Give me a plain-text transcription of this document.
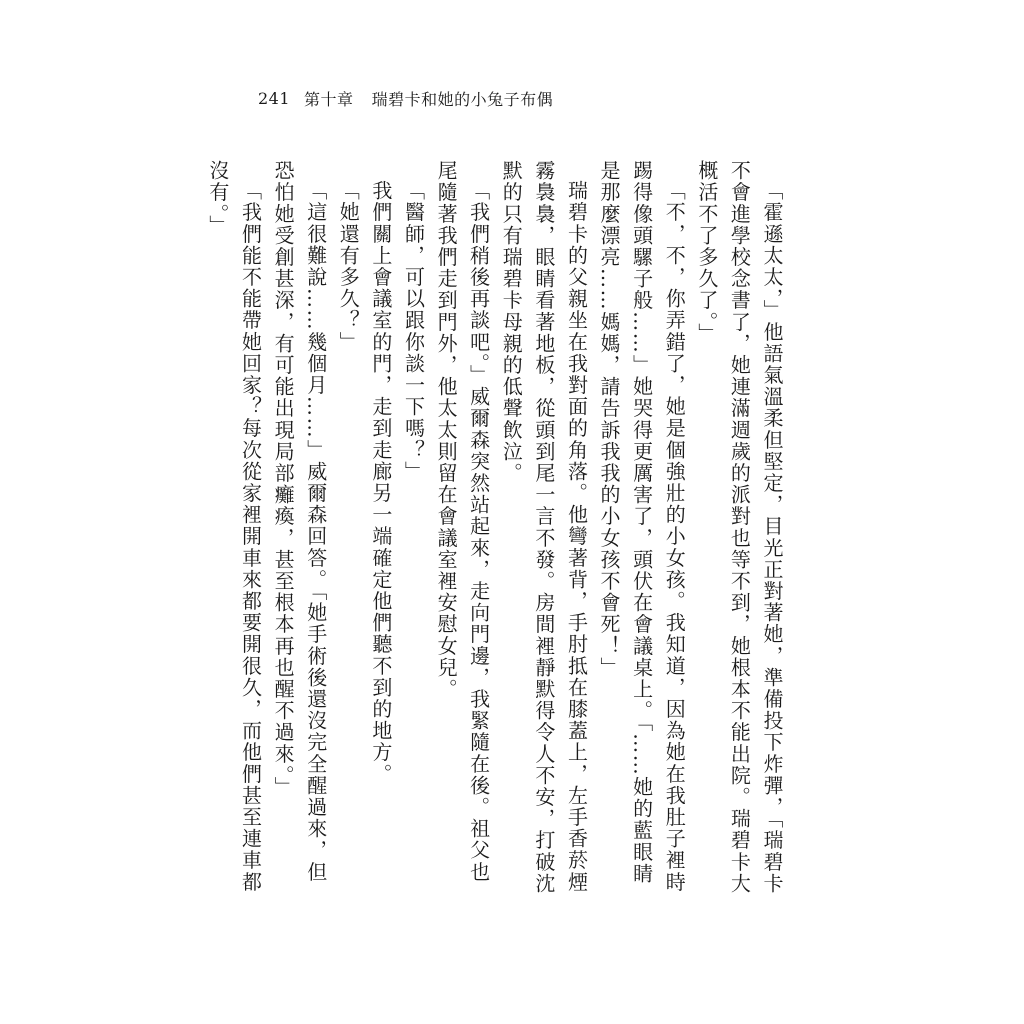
241 第十章 瑞碧卡和她的小兔子布偶

「霍遜太太，」他語氣溫柔但堅定，目光正對著她，準備投下炸彈，「瑞碧卡不會進學校念書了，她連滿週歲的派對也等不到，她根本不能出院。瑞碧卡大概活不了多久了。」

「不，不，你弄錯了，她是個強壯的小女孩。我知道，因為她在我肚子裡時踢得像頭騾子般……」她哭得更厲害了，頭伏在會議桌上。「……她的藍眼睛是那麼漂亮……媽媽，請告訴我我的小女孩不會死！」

瑞碧卡的父親坐在我對面的角落。他彎著背，手肘抵在膝蓋上，左手香菸煙霧裊裊，眼睛看著地板，從頭到尾一言不發。房間裡靜默得令人不安，打破沈默的只有瑞碧卡母親的低聲飲泣。

「我們稍後再談吧。」威爾森突然站起來，走向門邊，我緊隨在後。祖父也尾隨著我們走到門外，他太太則留在會議室裡安慰女兒。

「醫師，可以跟你談一下嗎？」

我們關上會議室的門，走到走廊另一端確定他們聽不到的地方。

「她還有多久？」

「這很難說……幾個月……」威爾森回答。「她手術後還沒完全醒過來，但恐怕她受創甚深，有可能出現局部癱瘓，甚至根本再也醒不過來。」

「我們能不能帶她回家？每次從家裡開車來都要開很久，而他們甚至連車都沒有。」
